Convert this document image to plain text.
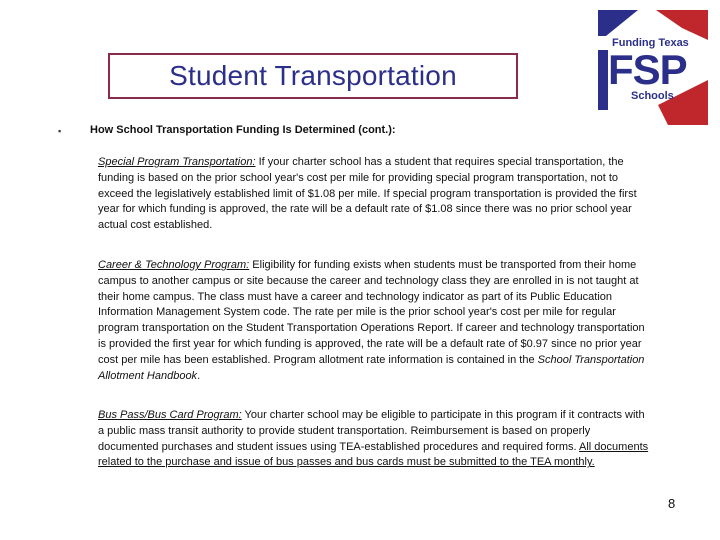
Student Transportation
Funding Texas
FSP
Schools
▪	How School Transportation Funding Is Determined (cont.):
Special Program Transportation: If your charter school has a student that requires special transportation, the funding is based on the prior school year's cost per mile for providing special program transportation, not to exceed the legislatively established limit of $1.08 per mile. If special program transportation is provided the first year for which funding is approved, the rate will be a default rate of $1.08 since there was no prior school year actual cost established.
Career & Technology Program: Eligibility for funding exists when students must be transported from their home campus to another campus or site because the career and technology class they are enrolled in is not taught at their home campus. The class must have a career and technology indicator as part of its Public Education Information Management System code. The rate per mile is the prior school year's cost per mile for regular program transportation on the Student Transportation Operations Report. If career and technology transportation is provided the first year for which funding is approved, the rate will be a default rate of $0.97 since no prior year cost per mile has been established. Program allotment rate information is contained in the School Transportation Allotment Handbook.
Bus Pass/Bus Card Program: Your charter school may be eligible to participate in this program if it contracts with a public mass transit authority to provide student transportation. Reimbursement is based on properly documented purchases and student issues using TEA-established procedures and required forms. All documents related to the purchase and issue of bus passes and bus cards must be submitted to the TEA monthly.
8
